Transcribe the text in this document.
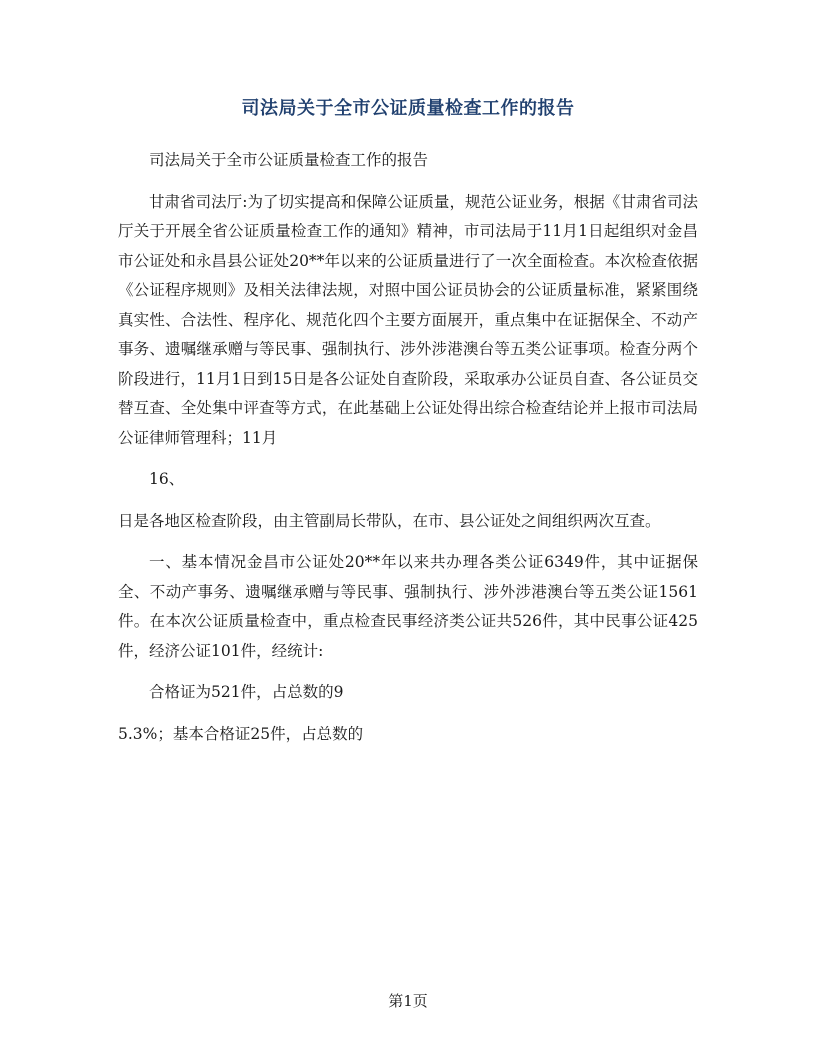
司法局关于全市公证质量检查工作的报告

司法局关于全市公证质量检查工作的报告

甘肃省司法厅:为了切实提高和保障公证质量，规范公证业务，根据《甘肃省司法厅关于开展全省公证质量检查工作的通知》精神，市司法局于11月1日起组织对金昌市公证处和永昌县公证处20**年以来的公证质量进行了一次全面检查。本次检查依据《公证程序规则》及相关法律法规，对照中国公证员协会的公证质量标准，紧紧围绕真实性、合法性、程序化、规范化四个主要方面展开，重点集中在证据保全、不动产事务、遗嘱继承赠与等民事、强制执行、涉外涉港澳台等五类公证事项。检查分两个阶段进行，11月1日到15日是各公证处自查阶段，采取承办公证员自查、各公证员交替互查、全处集中评查等方式，在此基础上公证处得出综合检查结论并上报市司法局公证律师管理科；11月

16、

日是各地区检查阶段，由主管副局长带队，在市、县公证处之间组织两次互查。

一、基本情况金昌市公证处20**年以来共办理各类公证6349件，其中证据保全、不动产事务、遗嘱继承赠与等民事、强制执行、涉外涉港澳台等五类公证1561件。在本次公证质量检查中，重点检查民事经济类公证共526件，其中民事公证425件，经济公证101件，经统计:

合格证为521件，占总数的9

5.3%；基本合格证25件，占总数的

第1页
